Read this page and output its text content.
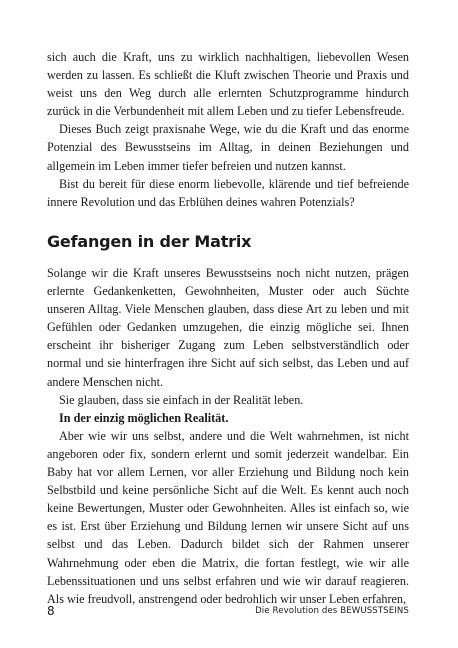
sich auch die Kraft, uns zu wirklich nachhaltigen, liebevollen Wesen werden zu lassen. Es schließt die Kluft zwischen Theorie und Praxis und weist uns den Weg durch alle erlernten Schutzprogramme hindurch zurück in die Verbundenheit mit allem Leben und zu tiefer Lebensfreude.

Dieses Buch zeigt praxisnahe Wege, wie du die Kraft und das enorme Potenzial des Bewusstseins im Alltag, in deinen Beziehungen und allgemein im Leben immer tiefer befreien und nutzen kannst.

Bist du bereit für diese enorm liebevolle, klärende und tief befreiende innere Revolution und das Erblühen deines wahren Potenzials?

Gefangen in der Matrix

Solange wir die Kraft unseres Bewusstseins noch nicht nutzen, prägen erlernte Gedankenketten, Gewohnheiten, Muster oder auch Süchte unseren Alltag. Viele Menschen glauben, dass diese Art zu leben und mit Gefühlen oder Gedanken umzugehen, die einzig mögliche sei. Ihnen erscheint ihr bisheriger Zugang zum Leben selbstverständlich oder normal und sie hinterfragen ihre Sicht auf sich selbst, das Leben und auf andere Menschen nicht.

Sie glauben, dass sie einfach in der Realität leben.

In der einzig möglichen Realität.

Aber wie wir uns selbst, andere und die Welt wahrnehmen, ist nicht angeboren oder fix, sondern erlernt und somit jederzeit wandelbar. Ein Baby hat vor allem Lernen, vor aller Erziehung und Bildung noch kein Selbstbild und keine persönliche Sicht auf die Welt. Es kennt auch noch keine Bewertungen, Muster oder Gewohnheiten. Alles ist einfach so, wie es ist. Erst über Erziehung und Bildung lernen wir unsere Sicht auf uns selbst und das Leben. Dadurch bildet sich der Rahmen unserer Wahrnehmung oder eben die Matrix, die fortan festlegt, wie wir alle Lebenssituationen und uns selbst erfahren und wie wir darauf reagieren. Als wie freudvoll, anstrengend oder bedrohlich wir unser Leben erfahren,

8	Die Revolution des BEWUSSTSEINS
